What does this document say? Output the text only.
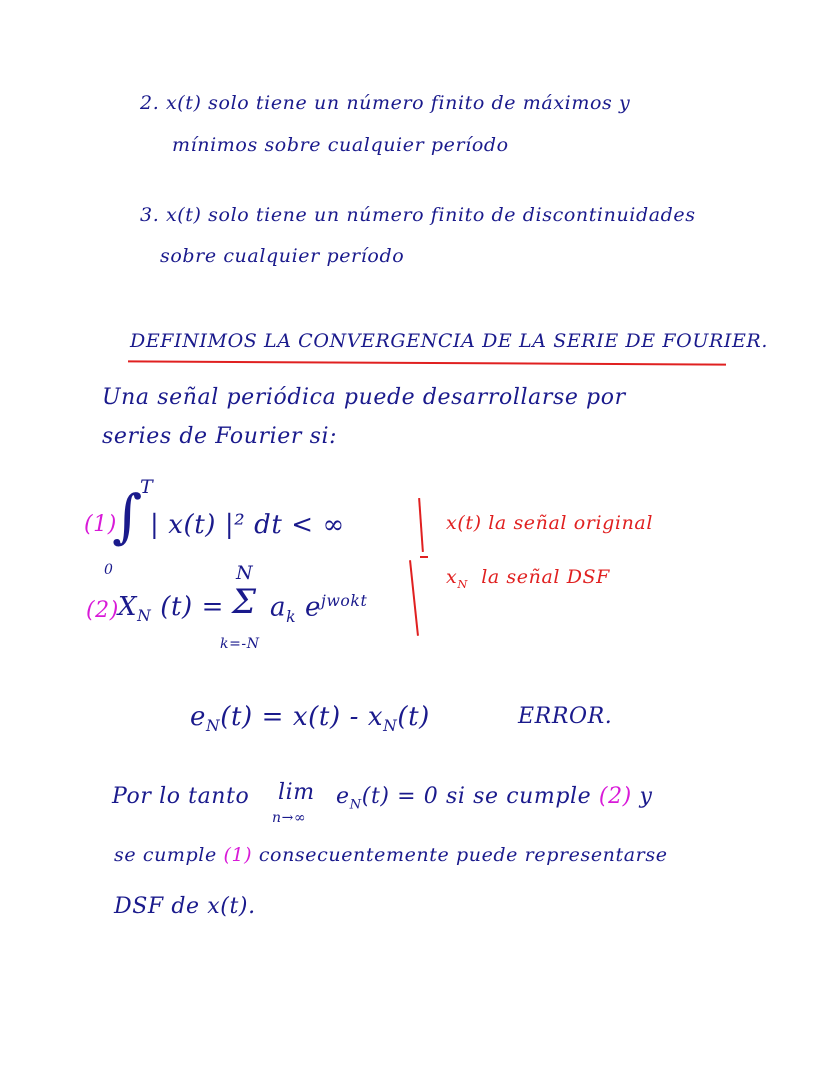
2. x(t) solo tiene un número finito de máximos y
mínimos sobre cualquier período
3. x(t) solo tiene un número finito de discontinuidades
sobre cualquier período
DEFINIMOS LA CONVERGENCIA DE LA SERIE DE FOURIER.
Una señal periódica puede desarrollarse por
series de Fourier si:
(1)
∫
T
0
| x(t) |² dt < ∞
(2) $X_N$ (t) = Σ
N
k=-N
$a_k$ $e^{jwokt}$
x(t) la señal original
$x_N$ la señal DSF
$e_N(t) = x(t) - x_N(t)$	ERROR.
Por lo tanto lim
n→∞
$e_N(t) = 0$ si se cumple (2) y
se cumple (1) consecuentemente puede representarse
DSF de x(t).
